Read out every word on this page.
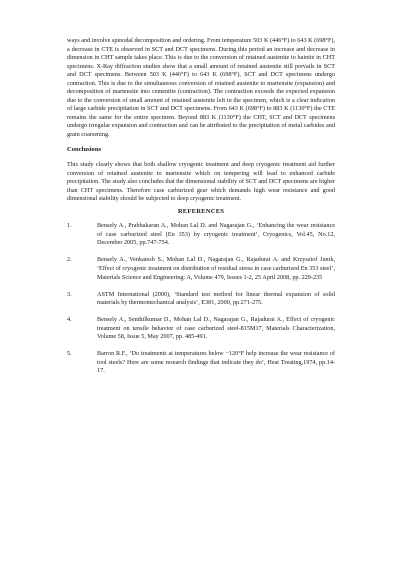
ways and involve spinodal decomposition and ordering. From temperature 503 K (446°F) to 643 K (698°F), a decrease in CTE is observed in SCT and DCT specimens. During this period an increase and decrease in dimension in CHT sample takes place. This is due to the conversion of retained austenite to bainite in CHT specimens. X-Ray diffraction studies show that a small amount of retained austenite still prevails in SCT and DCT specimens. Between 503 K (446°F) to 643 K (698°F), SCT and DCT specimens undergo contraction. This is due to the simultaneous conversion of retained austenite to martensite (expansion) and decomposition of martensite into cementite (contraction). The contraction exceeds the expected expansion due to the conversion of small amount of retained austenite left in the specimen, which is a clear indication of large carbide precipitation in SCT and DCT specimens. From 643 K (698°F) to 883 K (1130°F) the CTE remains the same for the entire specimen. Beyond 883 K (1130°F) the CHT, SCT and DCT specimens undergo irregular expansion and contraction and can be attributed to the precipitation of metal carbides and grain coarsening.

Conclusions

This study clearly shows that both shallow cryogenic treatment and deep cryogenic treatment aid further conversion of retained austenite to martensite which on tempering will lead to enhanced carbide precipitation. The study also concludes that the dimensional stability of SCT and DCT specimens are higher than CHT specimens. Therefore case carburized gear which demands high wear resistance and good dimensional stability should be subjected to deep cryogenic treatment.

REFERENCES

1.	Bensely A., Prabhakaran A., Mohan Lal D. and Nagarajan G., ‘Enhancing the wear resistance of case carburized steel (En 353) by cryogenic treatment’, Cryogenics, Vol.45, No.12, December 2005, pp.747-754.
2.	Bensely A., Venkatesh S., Mohan Lal D., Nagarajan G., Rajadurai A. and Krzysztof Junik, ‘Effect of cryogenic treatment on distribution of residual stress in case carburized En 353 steel’, Materials Science and Engineering: A, Volume 479, Issues 1-2, 25 April 2008, pp. 229-235
3.	ASTM International (2000), ‘Standard test method for linear thermal expansion of solid materials by thermomechanical analysis’, E381, 2000, pp.271-275.
4.	Bensely A., Senthilkumar D., Mohan Lal D., Nagarajan G., Rajadurai A., Effect of cryogenic treatment on tensile behavior of case carburized steel-815M17, Materials Characterization, Volume 58, Issue 5, May 2007, pp. 485-491.
5.	Barron R.F., ‘Do treatments at temperatures below −120°F help increase the wear resistance of tool steels? Here are some research findings that indicate they do’, Heat Treating,1974, pp.14-17.
